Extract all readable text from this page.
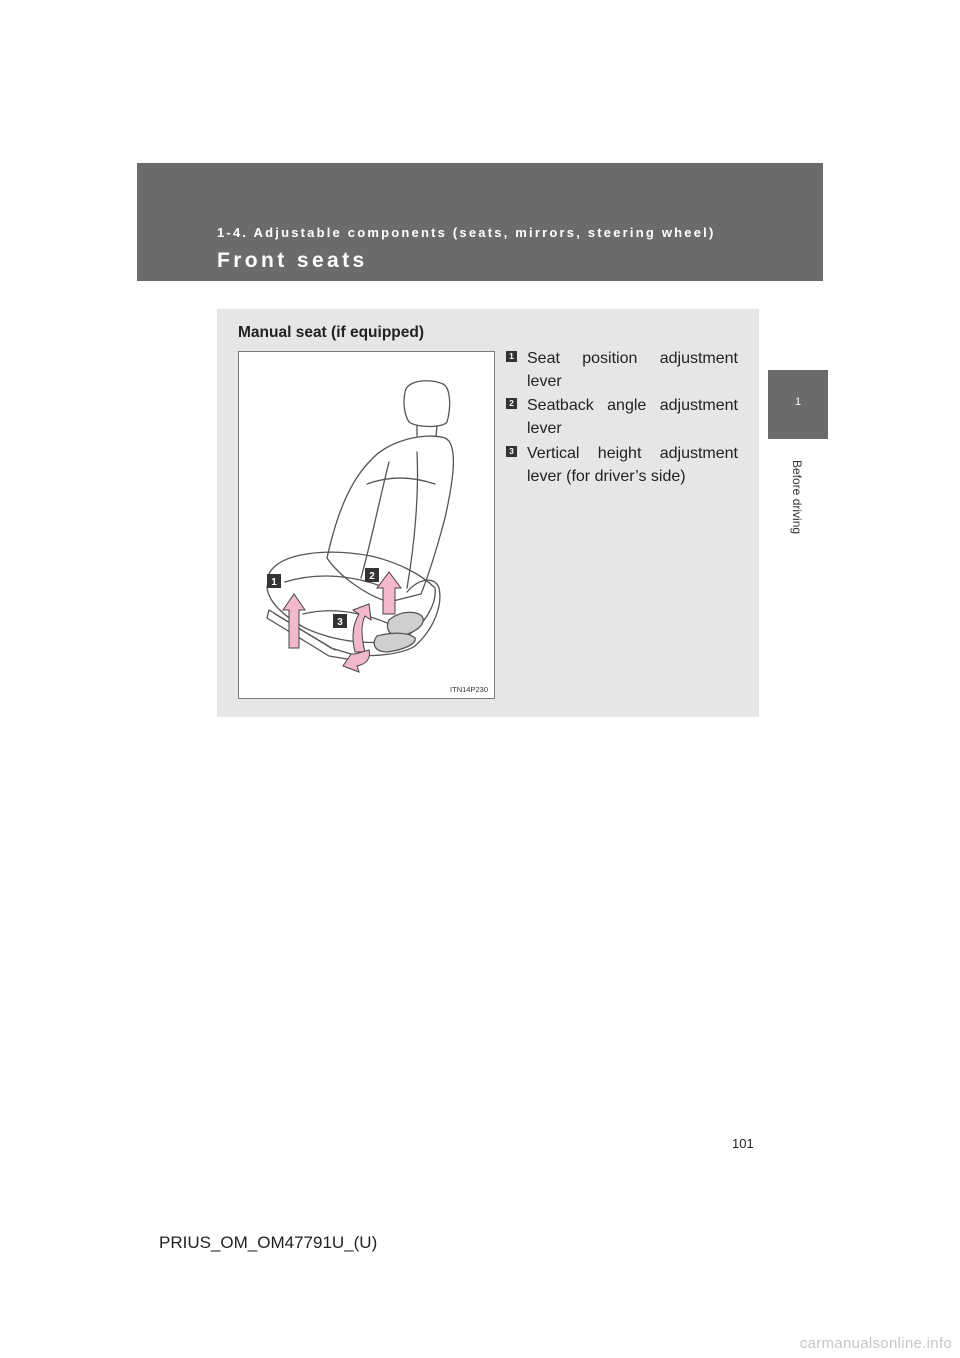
1-4. Adjustable components (seats, mirrors, steering wheel)
Front seats
1
Before driving
Manual seat (if equipped)
1
2
3
ITN14P230
1 Seat position adjustment lever
2 Seatback angle adjustment lever
3 Vertical height adjustment lever (for driver’s side)
101
PRIUS_OM_OM47791U_(U)
carmanualsonline.info
